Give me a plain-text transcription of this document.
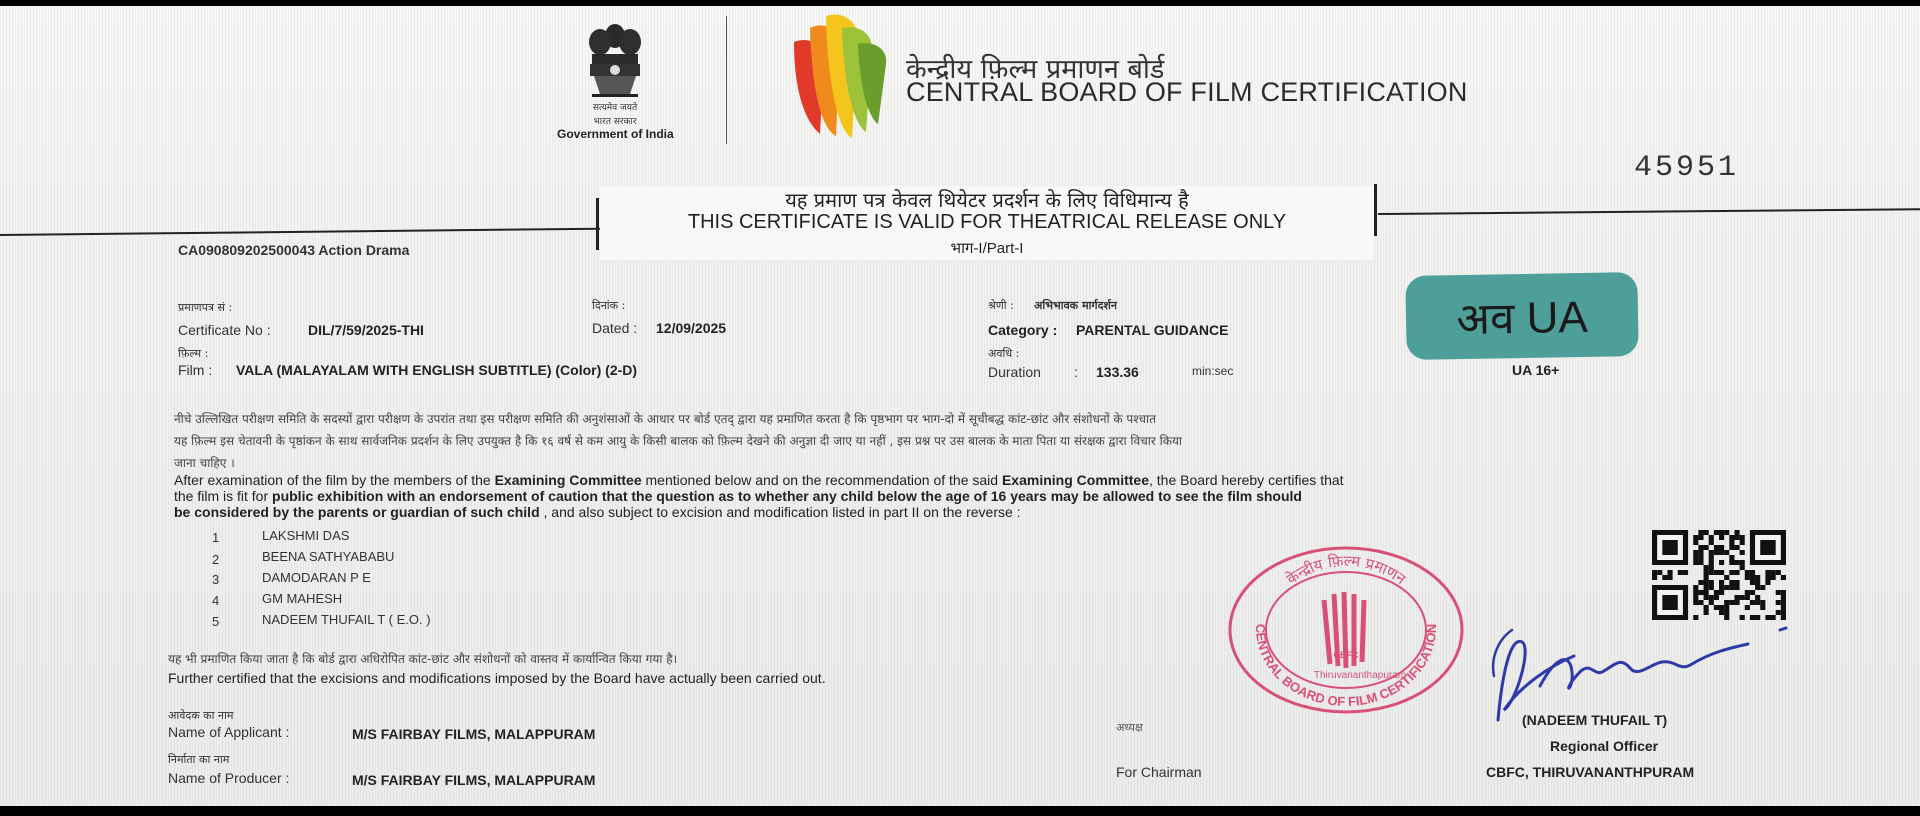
सत्यमेव जयते
भारत सरकार
Government of India
केन्द्रीय फ़िल्म प्रमाणन बोर्ड
CENTRAL BOARD OF FILM CERTIFICATION
45951
यह प्रमाण पत्र केवल थियेटर प्रदर्शन के लिए विधिमान्य है
THIS CERTIFICATE IS VALID FOR THEATRICAL RELEASE ONLY
भाग-I/Part-I
CA090809202500043 Action Drama
प्रमाणपत्र सं :
Certificate No :	DIL/7/59/2025-THI
फ़िल्म :
Film : VALA (MALAYALAM WITH ENGLISH SUBTITLE) (Color) (2-D)
दिनांक :
Dated : 12/09/2025
श्रेणी : अभिभावक मार्गदर्शन
Category : PARENTAL GUIDANCE
अवधि :
Duration : 133.36	min:sec
अव UA
UA 16+
नीचे उल्लिखित परीक्षण समिति के सदस्यों द्वारा परीक्षण के उपरांत तथा इस परीक्षण समिति की अनुशंसाओं के आधार पर बोर्ड एतद् द्वारा यह प्रमाणित करता है कि पृष्ठभाग पर भाग-दो में सूचीबद्ध कांट-छांट और संशोधनों के पश्चात
यह फ़िल्म इस चेतावनी के पृष्ठांकन के साथ सार्वजनिक प्रदर्शन के लिए उपयुक्त है कि १६ वर्ष से कम आयु के किसी बालक को फ़िल्म देखने की अनुज्ञा दी जाए या नहीं , इस प्रश्न पर उस बालक के माता पिता या संरक्षक द्वारा विचार किया
जाना चाहिए ।
After examination of the film by the members of the Examining Committee mentioned below and on the recommendation of the said Examining Committee, the Board hereby certifies that
the film is fit for public exhibition with an endorsement of caution that the question as to whether any child below the age of 16 years may be allowed to see the film should
be considered by the parents or guardian of such child , and also subject to excision and modification listed in part II on the reverse :
1	LAKSHMI DAS
2	BEENA SATHYABABU
3	DAMODARAN P E
4	GM MAHESH
5	NADEEM THUFAIL T ( E.O. )
यह भी प्रमाणित किया जाता है कि बोर्ड द्वारा अधिरोपित कांट-छांट और संशोधनों को वास्तव में कार्यान्वित किया गया है।
Further certified that the excisions and modifications imposed by the Board have actually been carried out.
आवेदक का नाम
Name of Applicant :	M/S FAIRBAY FILMS, MALAPPURAM
निर्माता का नाम
Name of Producer :	M/S FAIRBAY FILMS, MALAPPURAM
केन्द्रीय फ़िल्म प्रमाणन
CENTRAL BOARD OF FILM CERTIFICATION
CBFC
Thiruvananthapuram
अध्यक्ष
For Chairman
(NADEEM THUFAIL T)
Regional Officer
CBFC, THIRUVANANTHPURAM
